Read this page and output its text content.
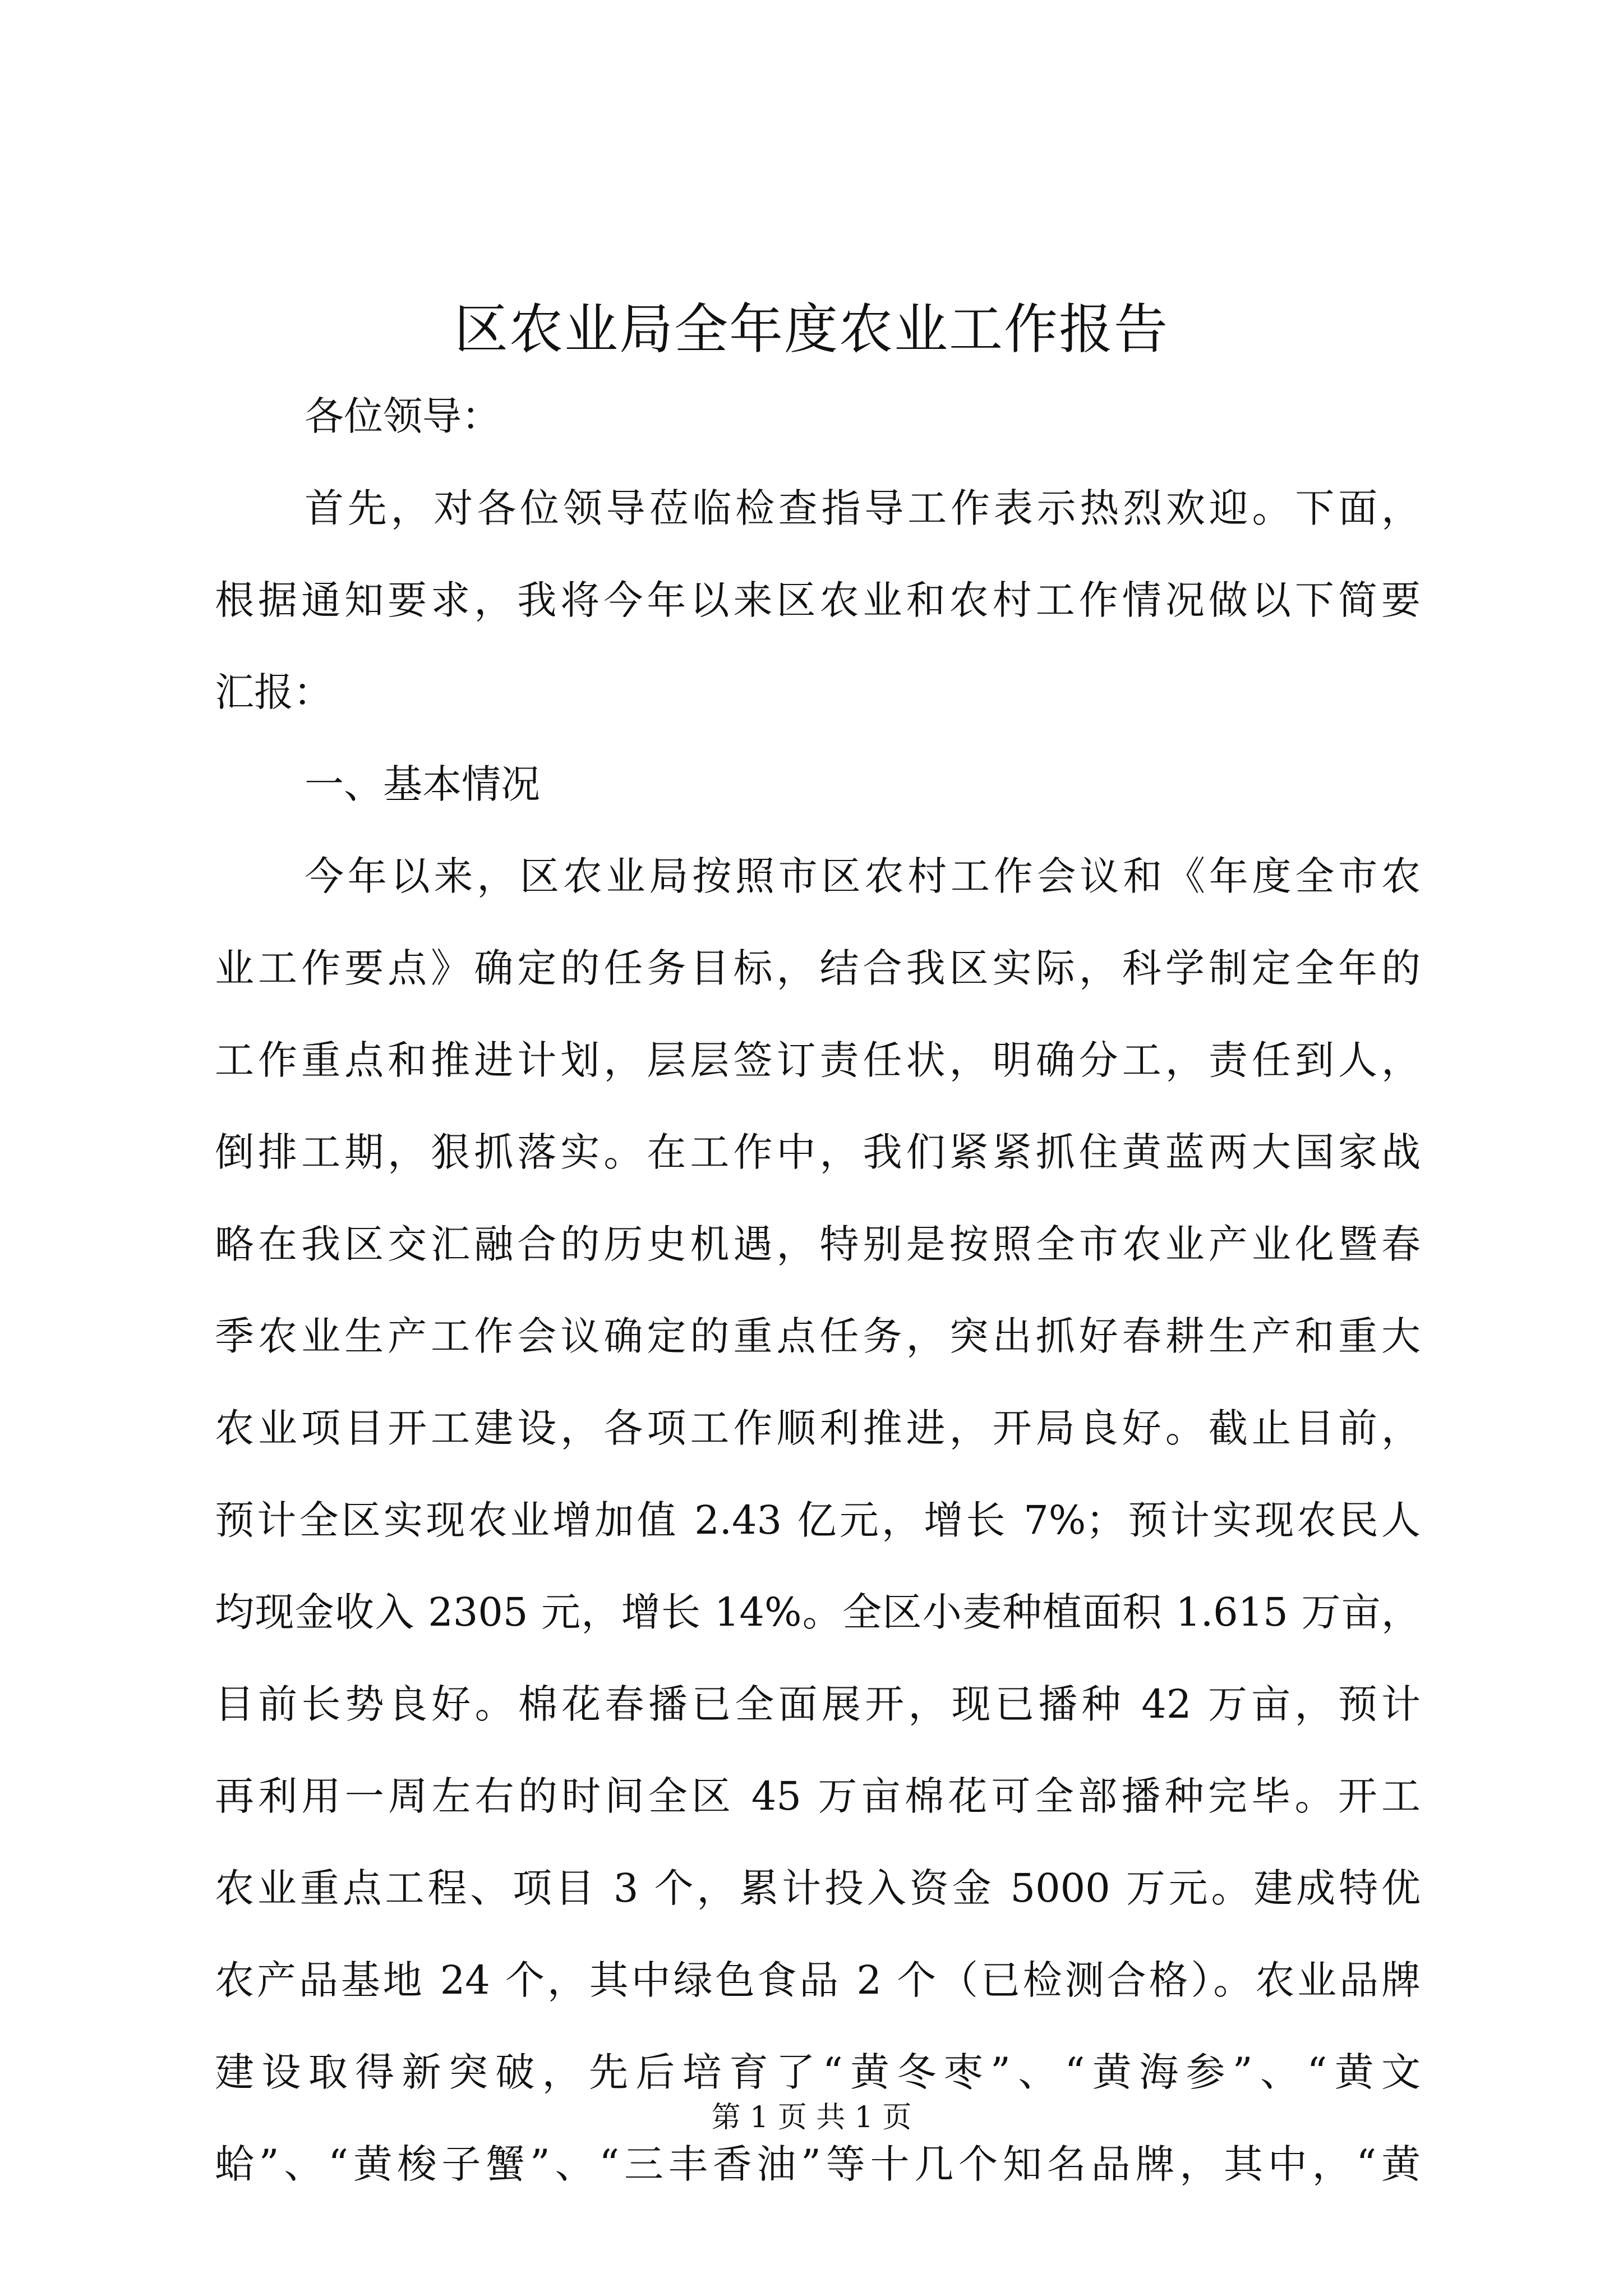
区农业局全年度农业工作报告
各位领导：
首先，对各位领导莅临检查指导工作表示热烈欢迎。下面，
根据通知要求，我将今年以来区农业和农村工作情况做以下简要
汇报：
一、基本情况
今年以来，区农业局按照市区农村工作会议和《年度全市农
业工作要点》确定的任务目标，结合我区实际，科学制定全年的
工作重点和推进计划，层层签订责任状，明确分工，责任到人，
倒排工期，狠抓落实。在工作中，我们紧紧抓住黄蓝两大国家战
略在我区交汇融合的历史机遇，特别是按照全市农业产业化暨春
季农业生产工作会议确定的重点任务，突出抓好春耕生产和重大
农业项目开工建设，各项工作顺利推进，开局良好。截止目前，
预计全区实现农业增加值 2.43 亿元，增长 7%；预计实现农民人
均现金收入 2305 元，增长 14%。全区小麦种植面积 1.615 万亩，
目前长势良好。棉花春播已全面展开，现已播种 42 万亩，预计
再利用一周左右的时间全区 45 万亩棉花可全部播种完毕。开工
农业重点工程、项目 3 个，累计投入资金 5000 万元。建成特优
农产品基地 24 个，其中绿色食品 2 个（已检测合格）。农业品牌
建设取得新突破，先后培育了“黄冬枣”、“黄海参”、“黄文
蛤”、“黄梭子蟹”、“三丰香油”等十几个知名品牌，其中，“黄
第 1 页 共 1 页
